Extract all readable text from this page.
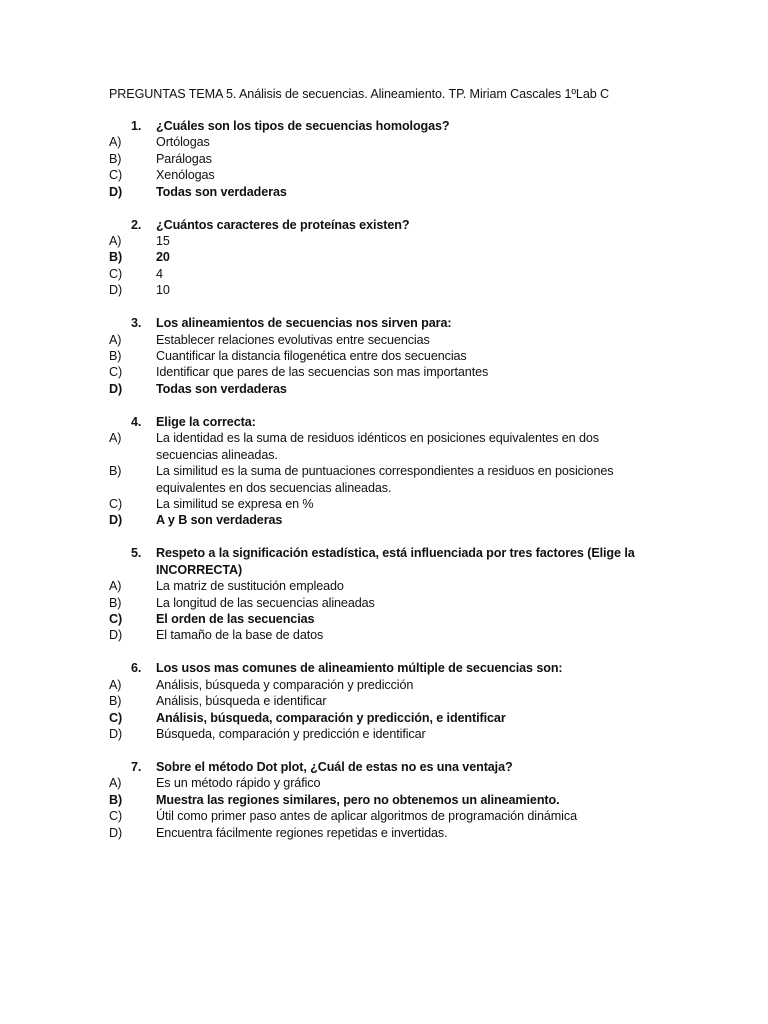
PREGUNTAS TEMA 5. Análisis de secuencias. Alineamiento. TP. Miriam Cascales 1ºLab C
1.	¿Cuáles son los tipos de secuencias homologas?
A)	Ortólogas
B)	Parálogas
C)	Xenólogas
D)	Todas son verdaderas
2.	¿Cuántos caracteres de proteínas existen?
A)	15
B)	20
C)	4
D)	10
3.	Los alineamientos de secuencias nos sirven para:
A)	Establecer relaciones evolutivas entre secuencias
B)	Cuantificar la distancia filogenética entre dos secuencias
C)	Identificar que pares de las secuencias son mas importantes
D)	Todas son verdaderas
4.	Elige la correcta:
A)	La identidad es la suma de residuos idénticos en posiciones equivalentes en dos secuencias alineadas.
B)	La similitud es la suma de puntuaciones correspondientes a residuos en posiciones equivalentes en dos secuencias alineadas.
C)	La similitud se expresa en %
D)	A y B son verdaderas
5.	Respeto a la significación estadística, está influenciada por tres factores (Elige la INCORRECTA)
A)	La matriz de sustitución empleado
B)	La longitud de las secuencias alineadas
C)	El orden de las secuencias
D)	El tamaño de la base de datos
6.	Los usos mas comunes de alineamiento múltiple de secuencias son:
A)	Análisis, búsqueda y comparación y predicción
B)	Análisis, búsqueda e identificar
C)	Análisis, búsqueda, comparación y predicción, e identificar
D)	Búsqueda, comparación y predicción e identificar
7.	Sobre el método Dot plot, ¿Cuál de estas no es una ventaja?
A)	Es un método rápido y gráfico
B)	Muestra las regiones similares, pero no obtenemos un alineamiento.
C)	Útil como primer paso antes de aplicar algoritmos de programación dinámica
D)	Encuentra fácilmente regiones repetidas e invertidas.
